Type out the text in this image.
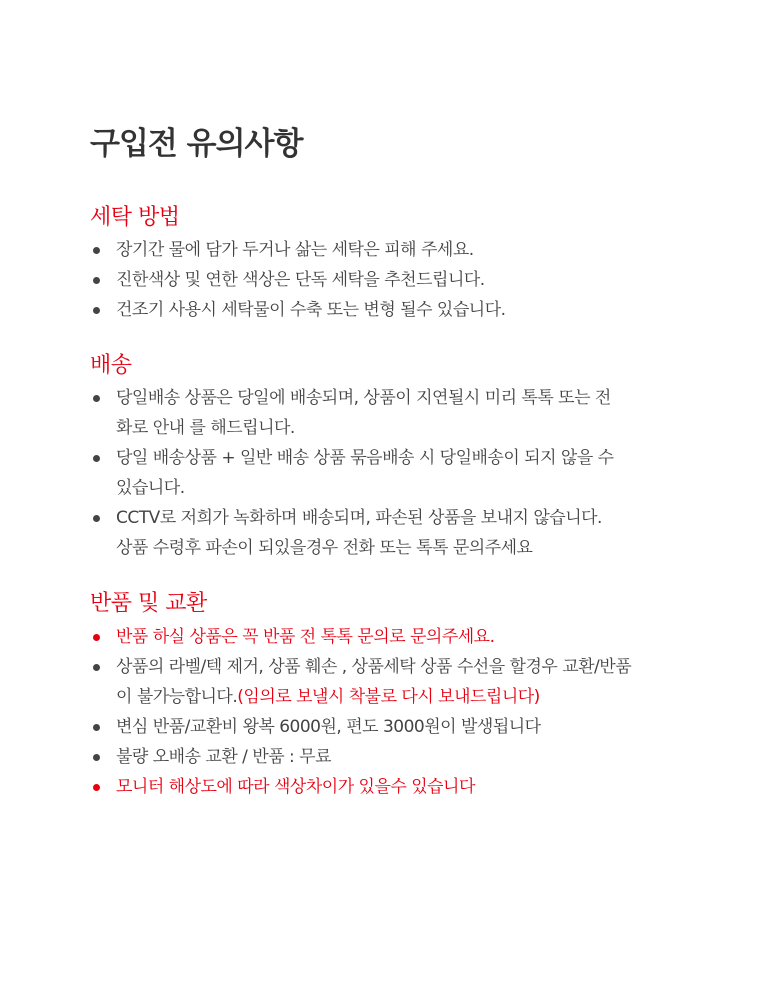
구입전 유의사항
세탁 방법
장기간 물에 담가 두거나 삶는 세탁은 피해 주세요.
진한색상 및 연한 색상은 단독 세탁을 추천드립니다.
건조기 사용시 세탁물이 수축 또는 변형 될수 있습니다.
배송
당일배송 상품은 당일에 배송되며, 상품이 지연될시 미리 톡톡 또는 전
화로 안내 를 해드립니다.
당일 배송상품 + 일반 배송 상품 묶음배송 시 당일배송이 되지 않을 수
있습니다.
CCTV로 저희가 녹화하며 배송되며, 파손된 상품을 보내지 않습니다.
상품 수령후 파손이 되있을경우 전화 또는 톡톡 문의주세요
반품 및 교환
반품 하실 상품은 꼭 반품 전 톡톡 문의로 문의주세요.
상품의 라벨/텍 제거, 상품 훼손 , 상품세탁 상품 수선을 할경우 교환/반품
이 불가능합니다.(임의로 보낼시 착불로 다시 보내드립니다)
변심 반품/교환비 왕복 6000원, 편도 3000원이 발생됩니다
불량 오배송 교환 / 반품 : 무료
모니터 해상도에 따라 색상차이가 있을수 있습니다
